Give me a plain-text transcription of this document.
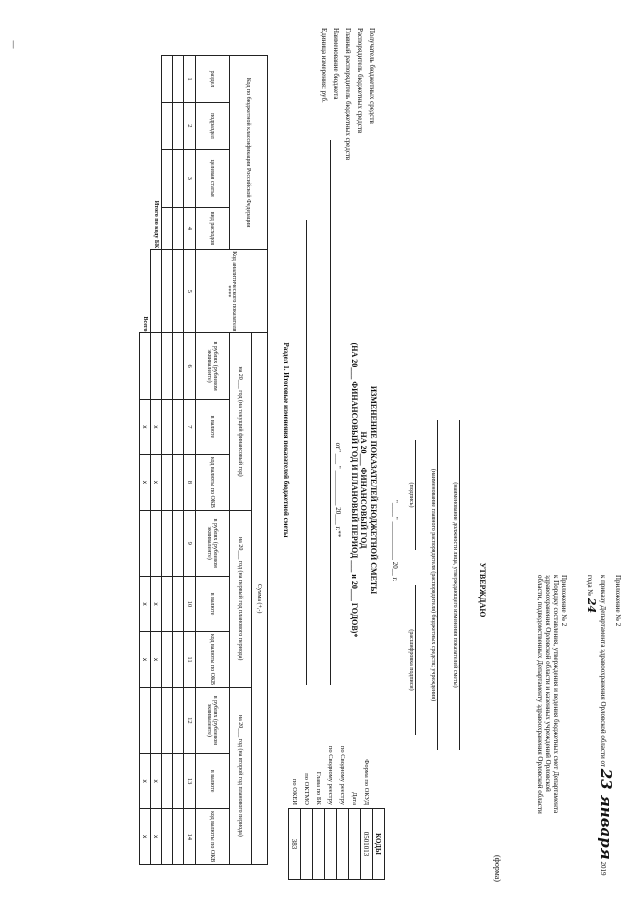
Приложение № 2
к приказу Департамента здравоохранения Орловской области от 23 января 2019
года № 24
Приложение № 2
к Порядку составления, утверждения и ведения бюджетных смет Департамента
здравоохранения Орловской области и казенных учреждений Орловской
области, подведомственных Департаменту здравоохранения Орловской области
(форма)
УТВЕРЖДАЮ
(наименование должности лица, утверждающего изменения показателей сметы)
(наименование главного распорядителя (распорядителя) бюджетных средств; учреждения)
(подпись)
(расшифровка подписи)
"____" ___________ 20__ г.
ИЗМЕНЕНИЕ ПОКАЗАТЕЛЕЙ БЮДЖЕТНОЙ СМЕТЫ
НА 20___ ФИНАНСОВЫЙ ГОД
(НА 20___ ФИНАНСОВЫЙ ГОД И ПЛАНОВЫЙ ПЕРИОД ___ и 20___ ГОДОВ)*
от" ___ " __________ 20___ г.**
	КОДЫ
Форма по ОКУД	0501013
Дата	
по Сводному реестру	
по Сводному реестру	
Глава по БК	
по ОКТМО	
по ОКЕИ	383
Получатель бюджетных средств
Распорядитель бюджетных средств
Главный распорядитель бюджетных средств
Наименование бюджета
Единица измерения: руб.
Раздел 1. Итоговые изменения показателей бюджетной сметы
Код по бюджетной классификации Российской Федерации				Код аналитического показателя ****	Сумма (+,-)								
					на 20___ год (на текущий финансовый год)			на 20___ год (на первый год планового периода)			на 20___ год (на второй год планового периода)		
раздел	подраздел	целевая статья	вид расходов		в рублях (рублевом эквиваленте)	в валюте	код валюты по ОКВ	в рублях (рублевом эквиваленте)	в валюте	код валюты по ОКВ	в рублях (рублевом эквиваленте)	в валюте	код валюты по ОКВ
1	2	3	4	5	6	7	8	9	10	11	12	13	14

Итого по коду БК						x	x		x	x		x	x
Всего						x	x		x	x		x	x
—
